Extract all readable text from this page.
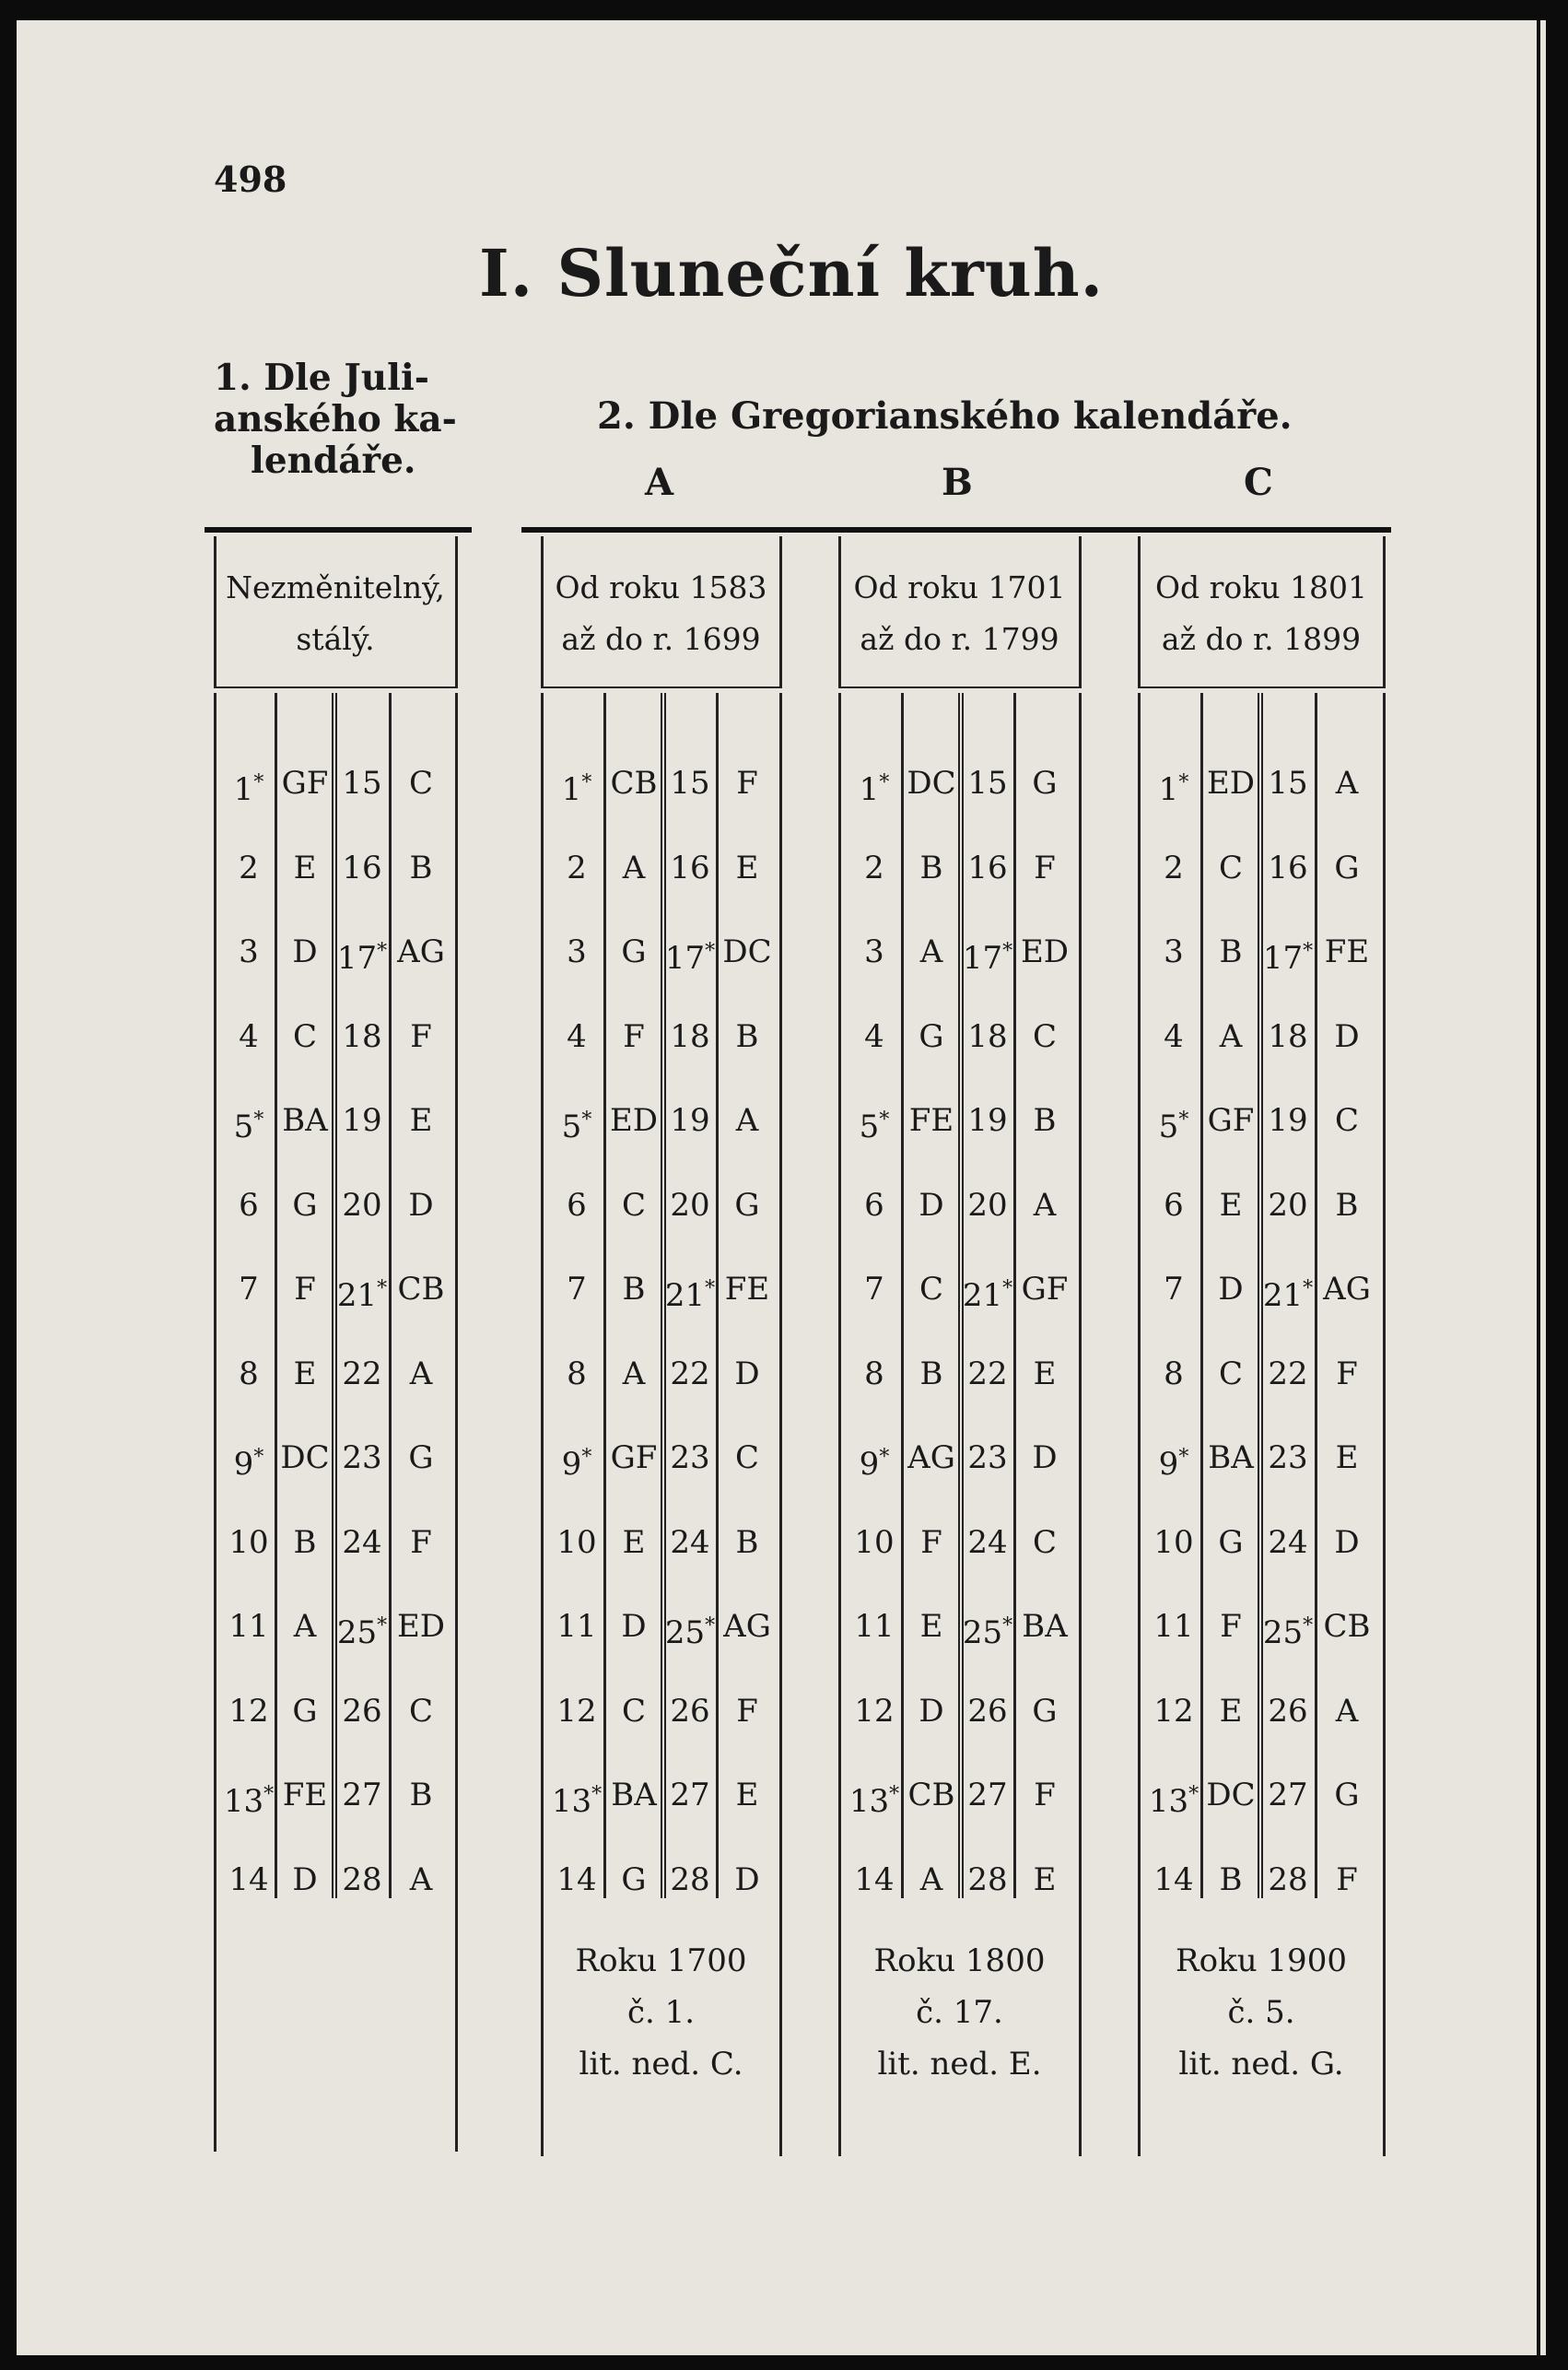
498
I. Sluneční kruh.
1. Dle Juli-
anského ka-
lendáře.
2. Dle Gregorianského kalendáře.
Nezměnitelný,
stálý.
1 * GF 15 C
2	E 16 B
3	D 17 * AG
4	C 18 F
5 * BA 19 E
6	G 20 D
7	F 21 * CB
8	E 22 A
9 * DC 23 G
10 B 24 F
11 A 25 * ED
12 G 26 C
13 * FE 27 B
14 D 28 A
A
Od roku 1583
až do r. 1699
1 * CB 15 F
2	A 16 E
3	G 17 * DC
4	F 18 B
5 * ED 19 A
6	C 20 G
7	B 21 * FE
8	A 22 D
9 * GF 23 C
10 E 24 B
11 D 25 * AG
12 C 26 F
13 * BA 27 E
14 G 28 D
Roku 1700
č. 1.
lit. ned. C.
B
Od roku 1701
až do r. 1799
1 * DC 15 G
2	B 16 F
3	A 17 * ED
4	G 18 C
5 * FE 19 B
6	D 20 A
7	C 21 * GF
8	B 22 E
9 * AG 23 D
10 F 24 C
11 E 25 * BA
12 D 26 G
13 * CB 27 F
14 A 28 E
Roku 1800
č. 17.
lit. ned. E.
C
Od roku 1801
až do r. 1899
1 * ED 15 A
2	C 16 G
3	B 17 * FE
4	A 18 D
5 * GF 19 C
6	E 20 B
7	D 21 * AG
8	C 22 F
9 * BA 23 E
10 G 24 D
11 F 25 * CB
12 E 26 A
13 * DC 27 G
14 B 28 F
Roku 1900
č. 5.
lit. ned. G.
